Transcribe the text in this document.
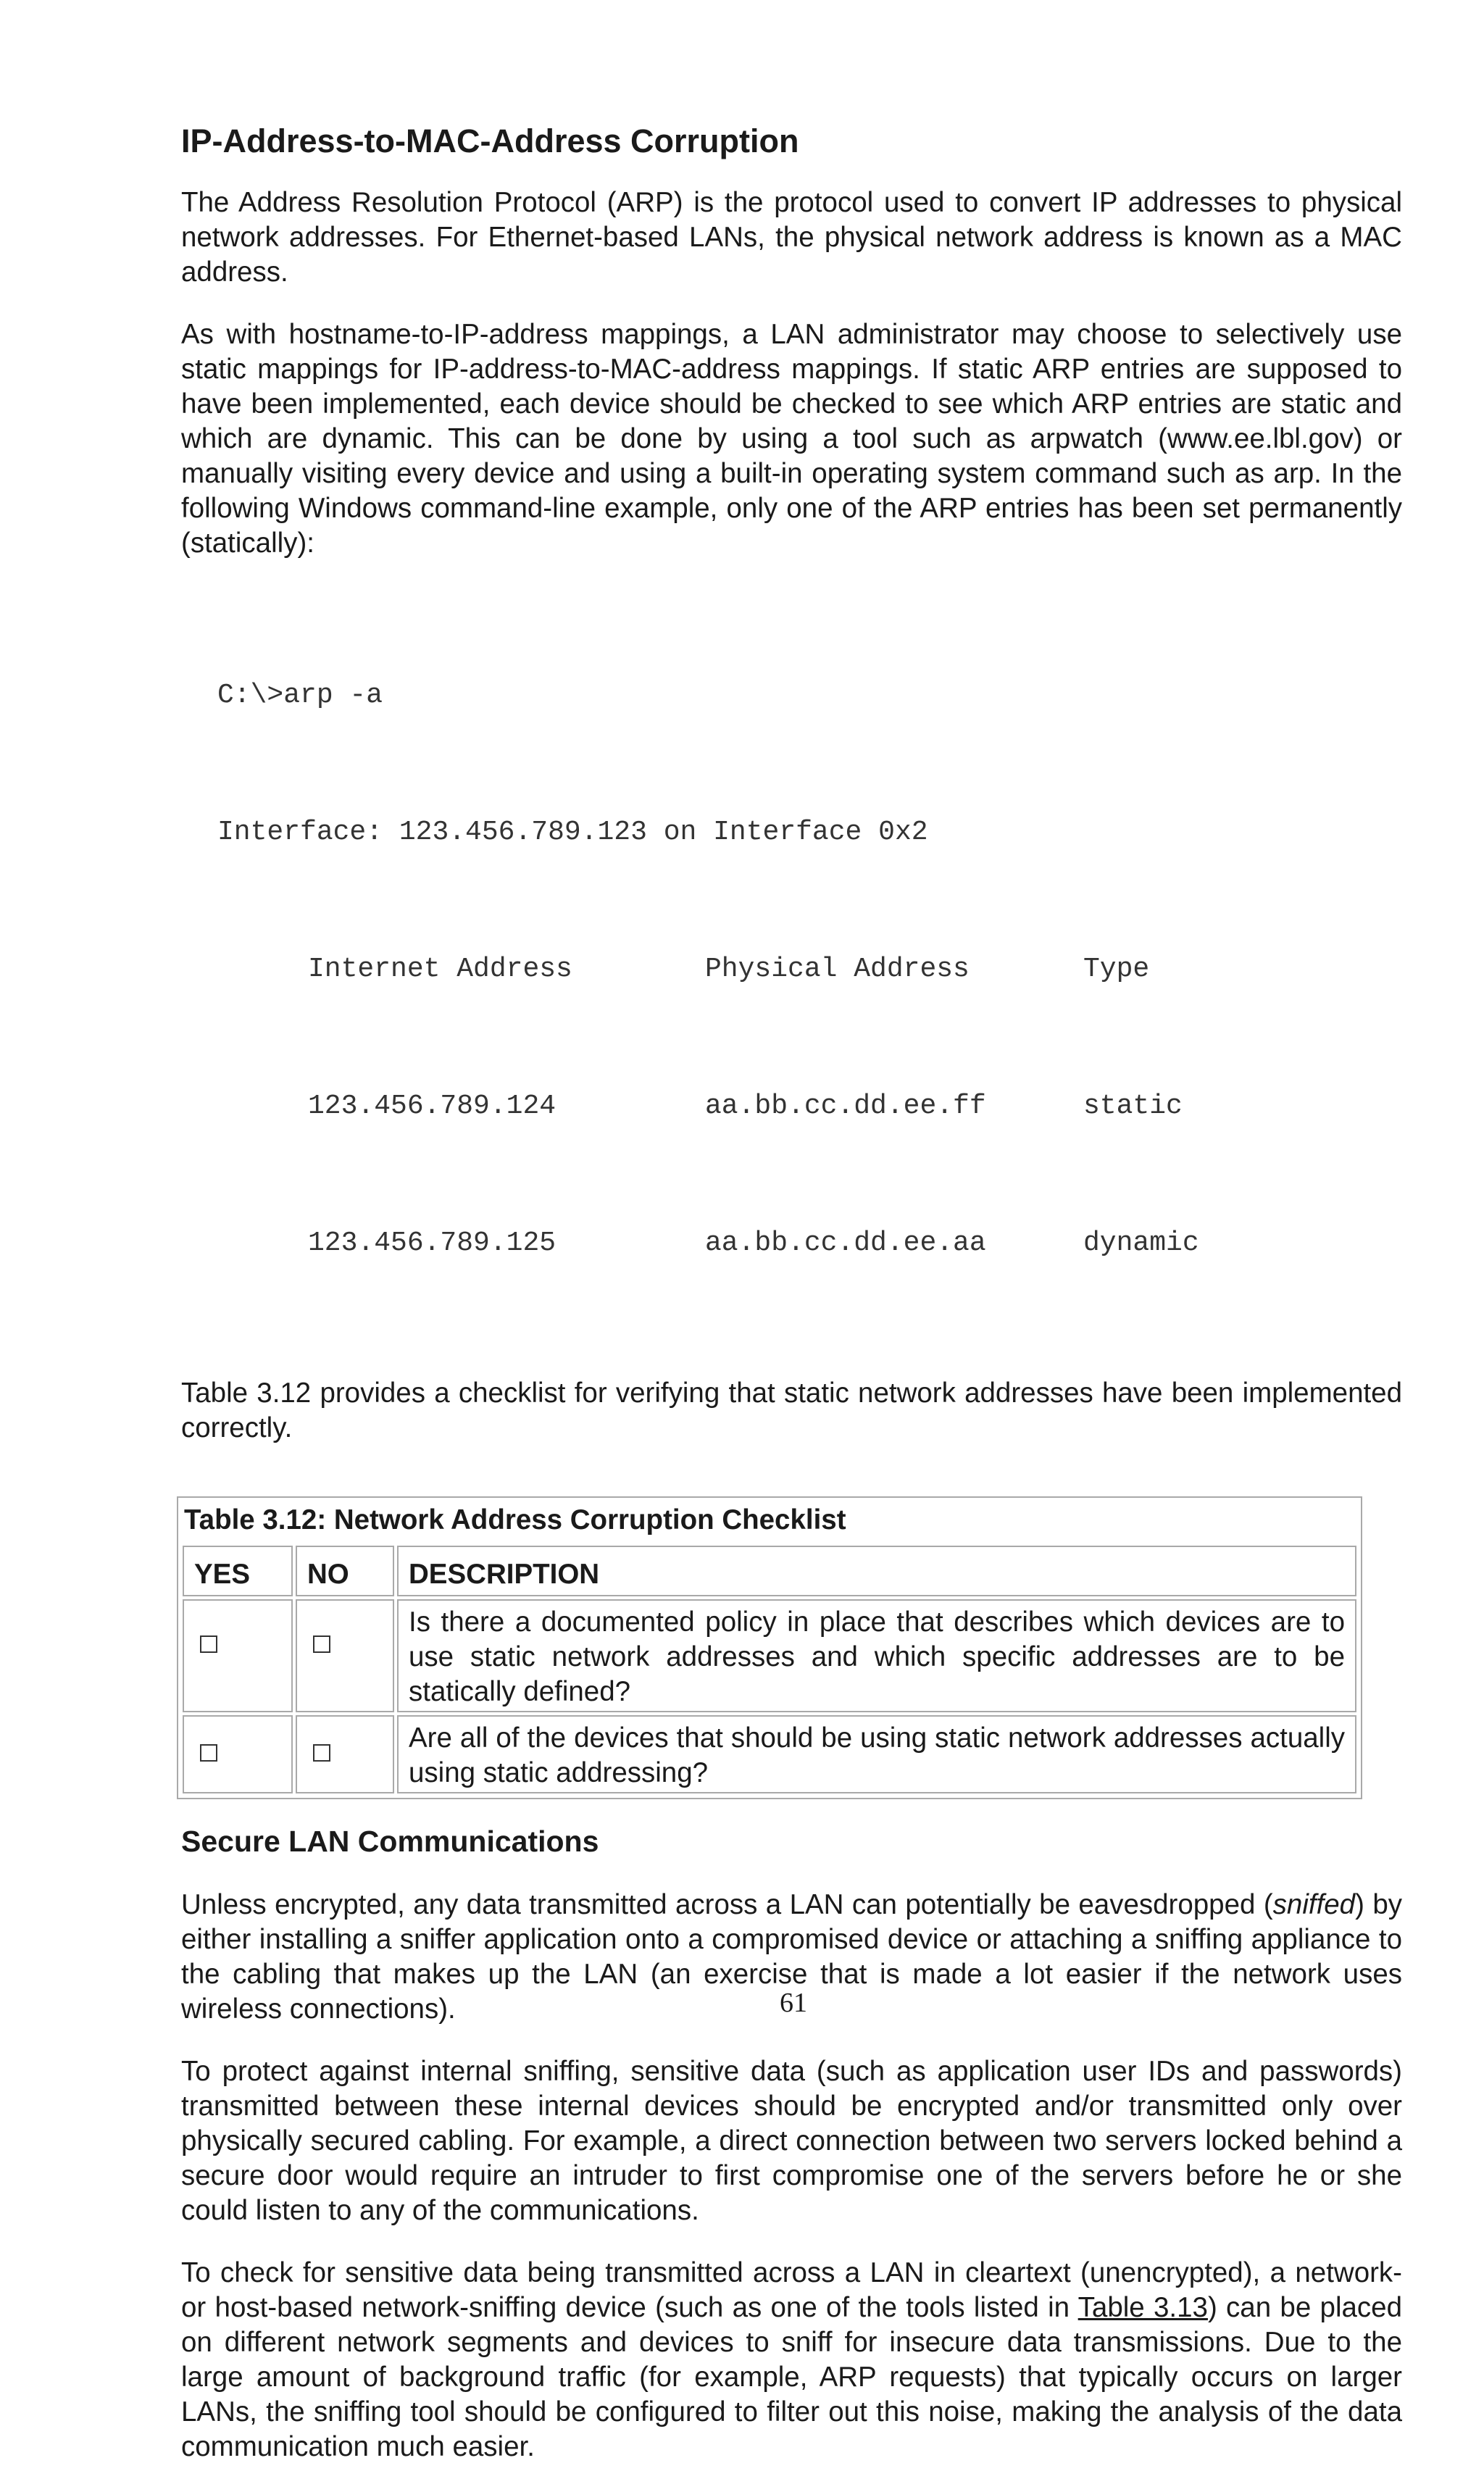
IP-Address-to-MAC-Address Corruption

The Address Resolution Protocol (ARP) is the protocol used to convert IP addresses to physical network addresses. For Ethernet-based LANs, the physical network address is known as a MAC address.

As with hostname-to-IP-address mappings, a LAN administrator may choose to selectively use static mappings for IP-address-to-MAC-address mappings. If static ARP entries are supposed to have been implemented, each device should be checked to see which ARP entries are static and which are dynamic. This can be done by using a tool such as arpwatch (www.ee.lbl.gov) or manually visiting every device and using a built-in operating system command such as arp. In the following Windows command-line example, only one of the ARP entries has been set permanently (statically):

C:\>arp -a

Interface: 123.456.789.123 on Interface 0x2

Internet Address	Physical Address	Type

123.456.789.124	aa.bb.cc.dd.ee.ff	static

123.456.789.125	aa.bb.cc.dd.ee.aa	dynamic

Table 3.12 provides a checklist for verifying that static network addresses have been implemented correctly.

Table 3.12: Network Address Corruption Checklist
YES	NO	DESCRIPTION
		Is there a documented policy in place that describes which devices are to use static network addresses and which specific addresses are to be statically defined?
		Are all of the devices that should be using static network addresses actually using static addressing?
Secure LAN Communications

Unless encrypted, any data transmitted across a LAN can potentially be eavesdropped (sniffed) by either installing a sniffer application onto a compromised device or attaching a sniffing appliance to the cabling that makes up the LAN (an exercise that is made a lot easier if the network uses wireless connections).

To protect against internal sniffing, sensitive data (such as application user IDs and passwords) transmitted between these internal devices should be encrypted and/or transmitted only over physically secured cabling. For example, a direct connection between two servers locked behind a secure door would require an intruder to first compromise one of the servers before he or she could listen to any of the communications.

To check for sensitive data being transmitted across a LAN in cleartext (unencrypted), a network- or host-based network-sniffing device (such as one of the tools listed in Table 3.13) can be placed on different network segments and devices to sniff for insecure data transmissions. Due to the large amount of background traffic (for example, ARP requests) that typically occurs on larger LANs, the sniffing tool should be configured to filter out this noise, making the analysis of the data communication much easier.

61
